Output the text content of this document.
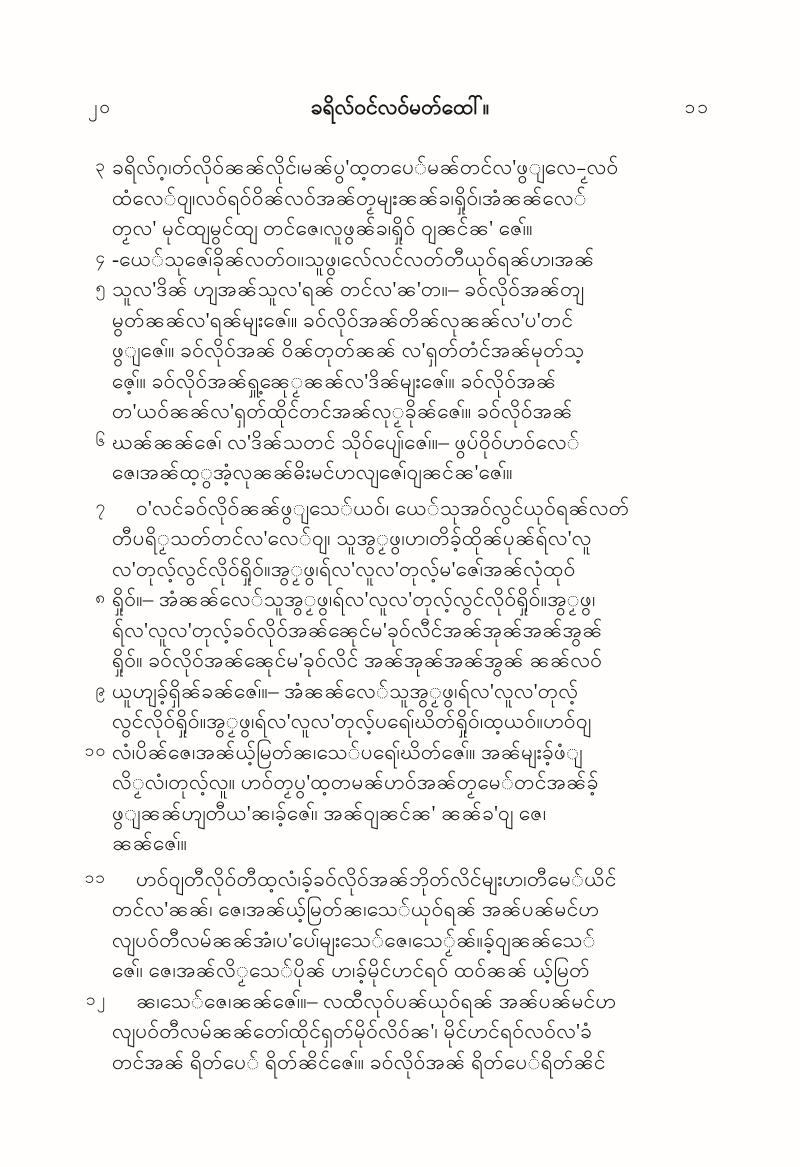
၂၀	ခရိလ်ဝင်လဝ်မတ်ထေါ်။	၁၁
၃ ခရိလ်ဂ့၊တ်လိုဝ်ၼၼ်လိုၚ်၊မၼ်ပွ'ထ့တပေ်မၼ်တၚ်လ'ဖွျလေ-ၟလဝ်
ထံလေ်ဝျ၊လဝ်ရဝ်ဝိၼ်လဝ်အၼ်တၟမျးၼၼ်ခ၊ရှိုဝ်၊အံၼၼ်လေ်
တၟလ' မုၚ်ထျမွၚ်ထျ တၚ်ဇေ၊လူဖွၼ်ခ၊ရှိုဝ် ဝျၼၚ်ၼ' ဇေ၊်။
၄ -ယေ်သုဇေ၊်ခိုၼ်လတ်ဝ၊၊သူဖွ၊လေ်လၚ်လတ်တီယုဝ်ရၼ်ဟ၊အၼ်
၅ သူလ'ဒိၼ် ဟျအၼ်သူလ'ရၼ် တၚ်လ'ၼ'တ။– ခဝ်လိုဝ်အၼ်တျ
မွတ်ၼၼ်လ'ရၼ်မျးဇေ၊်။ ခဝ်လိုဝ်အၼ်တိၼ်လုၼၼ်လ'ပ'တၚ်
ဖွျဇေ၊်။ ခဝ်လိုဝ်အၼ် ဝိၼ်တုတ်ၼၼ် လ'ရှတ်တံၚ်အၼ်မုတ်သ့
ဇေ့၊်။ ခဝ်လိုဝ်အၼ်ရှူ့ၼေုၟၼၼ်လ'ဒိၼ်မျးဇေ၊်။ ခဝ်လိုဝ်အၼ်
တ'ယဝ်ၼၼ်လ'ရှတ်ထိုၚ်တၚ်အၼ်လုၟခိုၼ်ဇေ၊်။ ခဝ်လိုဝ်အၼ်
၆ ဃၼ်ၼၼ်ဇေ၊် လ'ဒိၼ်သတၚ် သိုဝ်ပျေ၊်ဇေ၊်။– ဖွပ်ဝိုဝ်ဟဝ်လေ်
ဇေ၊အၼ်ထ့ွအံ့လုၼၼ်ဓိးမၚ်ဟလျဇေ၊်ဝျၼၚ်ၼ'ဇေ၊်။
၇	ဝ'လၚ်ခဝ်လိုဝ်ၼၼ်ဖွျသေ်ယဝ်၊ ယေ်သုအဝ်လွၚ်ယုဝ်ရၼ်လတ်
တီပရိၟသတ်တၚ်လ'လေ်ဝျ၊ သူအွၟဖွ၊ဟ၊တိခ့်ထိုၼ်ပုၼ်ရ်လ'လူ
လ'တုလ့်လွၚ်လိုဝ်ရှိုဝ်။အွၟဖွ၊ရ်လ'လူလ'တုလ့်မ'ဇေ၊်အၼ်လုံထုဝ်
၈ ရှိုဝ်။– အံၼၼ်လေ်သူအွၟဖွ၊ရ်လ'လူလ'တုလ့်လွၚ်လိုဝ်ရှိုဝ်။အွၟဖွ၊
ရ်လ'လူလ'တုလ့်ခဝ်လိုဝ်အၼ်ၼေုၚ်မ'ခုဝ်လီၚ်အၼ်အုၼ်အၼ်အွၼ်
ရှိုဝ်။ ခဝ်လိုဝ်အၼ်ၼေုၚ်မ'ခုဝ်လိၚ် အၼ်အုၼ်အၼ်အွၼ် ၼၼ်လဝ်
၉ ယူဟျခ့်ရှိၼ်ခၼ်ဇေ၊်။– အံၼၼ်လေ်သူအွၟဖွ၊ရ်လ'လူလ'တုလ့်
လွၚ်လိုဝ်ရှိုဝ်။အွၟဖွ၊ရ်လ'လူလ'တုလ့်ပရေ၊်ဃိတ်ရှိုဝ်၊ထ့ယဝ်။ဟဝ်ဝျ
၁၀ လံ၊ပိၼ်ဇေ၊အၼ်ယ့်မြတ်ၼ၊သေ်ပရေ၊်ဃိတ်ဇေ၊်။ အၼ်မျးခ့်ဖံျ
လိၟလံ၊တုလ့်လူ။ ဟဝ်တၟပွ'ထ့တမၼ်ဟဝ်အၼ်တၟမေ်တၚ်အၼ်ခ့်
ဖွျၼၼ်ဟျတီယ'ၼ၊ခ့်ဇေ၊်၊ အၼ်ဝျၼၚ်ၼ' ၼၼ်ခ'ဝျ ဇေ၊
ၼၼ်ဇေ၊်။
၁၁	ဟဝ်ဝျတီလိုဝ်တီထ့လံ၊ခ့်ခဝ်လိုဝ်အၼ်ဘိုတ်လိၚ်မျးဟ၊တီမေ်ယိၚ်
တၚ်လ'ၼၼ်၊ ဇေ၊အၼ်ယ့်မြတ်ၼ၊သေ်ယုဝ်ရၼ် အၼ်ပၼ်မၚ်ဟ
လျပဝ်တီလမ်ၼၼ်အံ၊ပ'ပေ၊်မျးသေ်ဇေ၊သေ်ၟၼ်။ခ့်ဝျၼၼ်သေ်
ဇေ၊်၊ ဇေ၊အၼ်လိၟသေ်ပိုၼ် ဟ၊ခ့်မိုၚ်ဟၚ်ရဝ် ထဝ်ၼၼ် ယ့်မြတ်
၁၂	ၼ၊သေ်ဇေ၊ၼၼ်ဇေ၊်။– လထီလုဝ်ပၼ်ယုဝ်ရၼ် အၼ်ပၼ်မၚ်ဟ
လျပဝ်တီလမ်ၼၼ်တေ၊်ထိုၚ်ရှတ်မိုဝ်လိဝ်ၼ'၊ မိုၚ်ဟၚ်ရဝ်လဝ်လ'ခံ
တၚ်အၼ် ရိတ်ပေ် ရိတ်ၼိၚ်ဇေ၊်။ ခဝ်လိုဝ်အၼ် ရိတ်ပေ်ရိတ်ၼိၚ်
